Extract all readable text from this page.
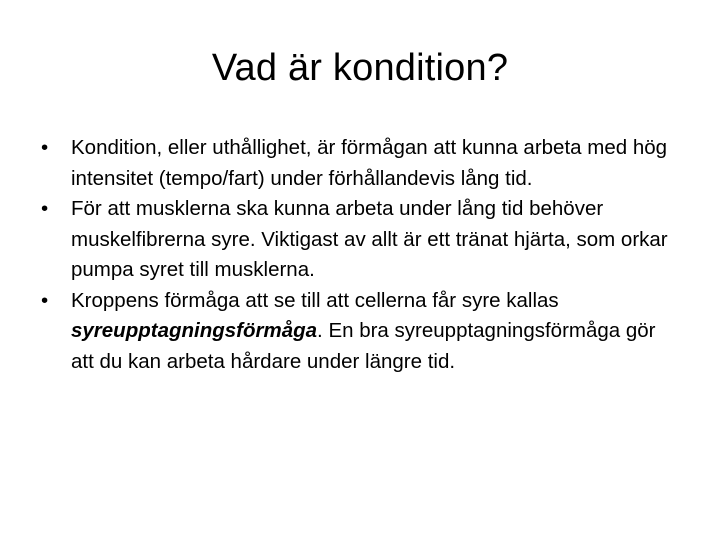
Vad är kondition?
•	Kondition, eller uthållighet, är förmågan att kunna arbeta med hög intensitet (tempo/fart) under förhållandevis lång tid.
•	För att musklerna ska kunna arbeta under lång tid behöver muskelfibrerna syre. Viktigast av allt är ett tränat hjärta, som orkar pumpa syret till musklerna.
•	Kroppens förmåga att se till att cellerna får syre kallas syreupptagningsförmåga. En bra syreupptagningsförmåga gör att du kan arbeta hårdare under längre tid.
